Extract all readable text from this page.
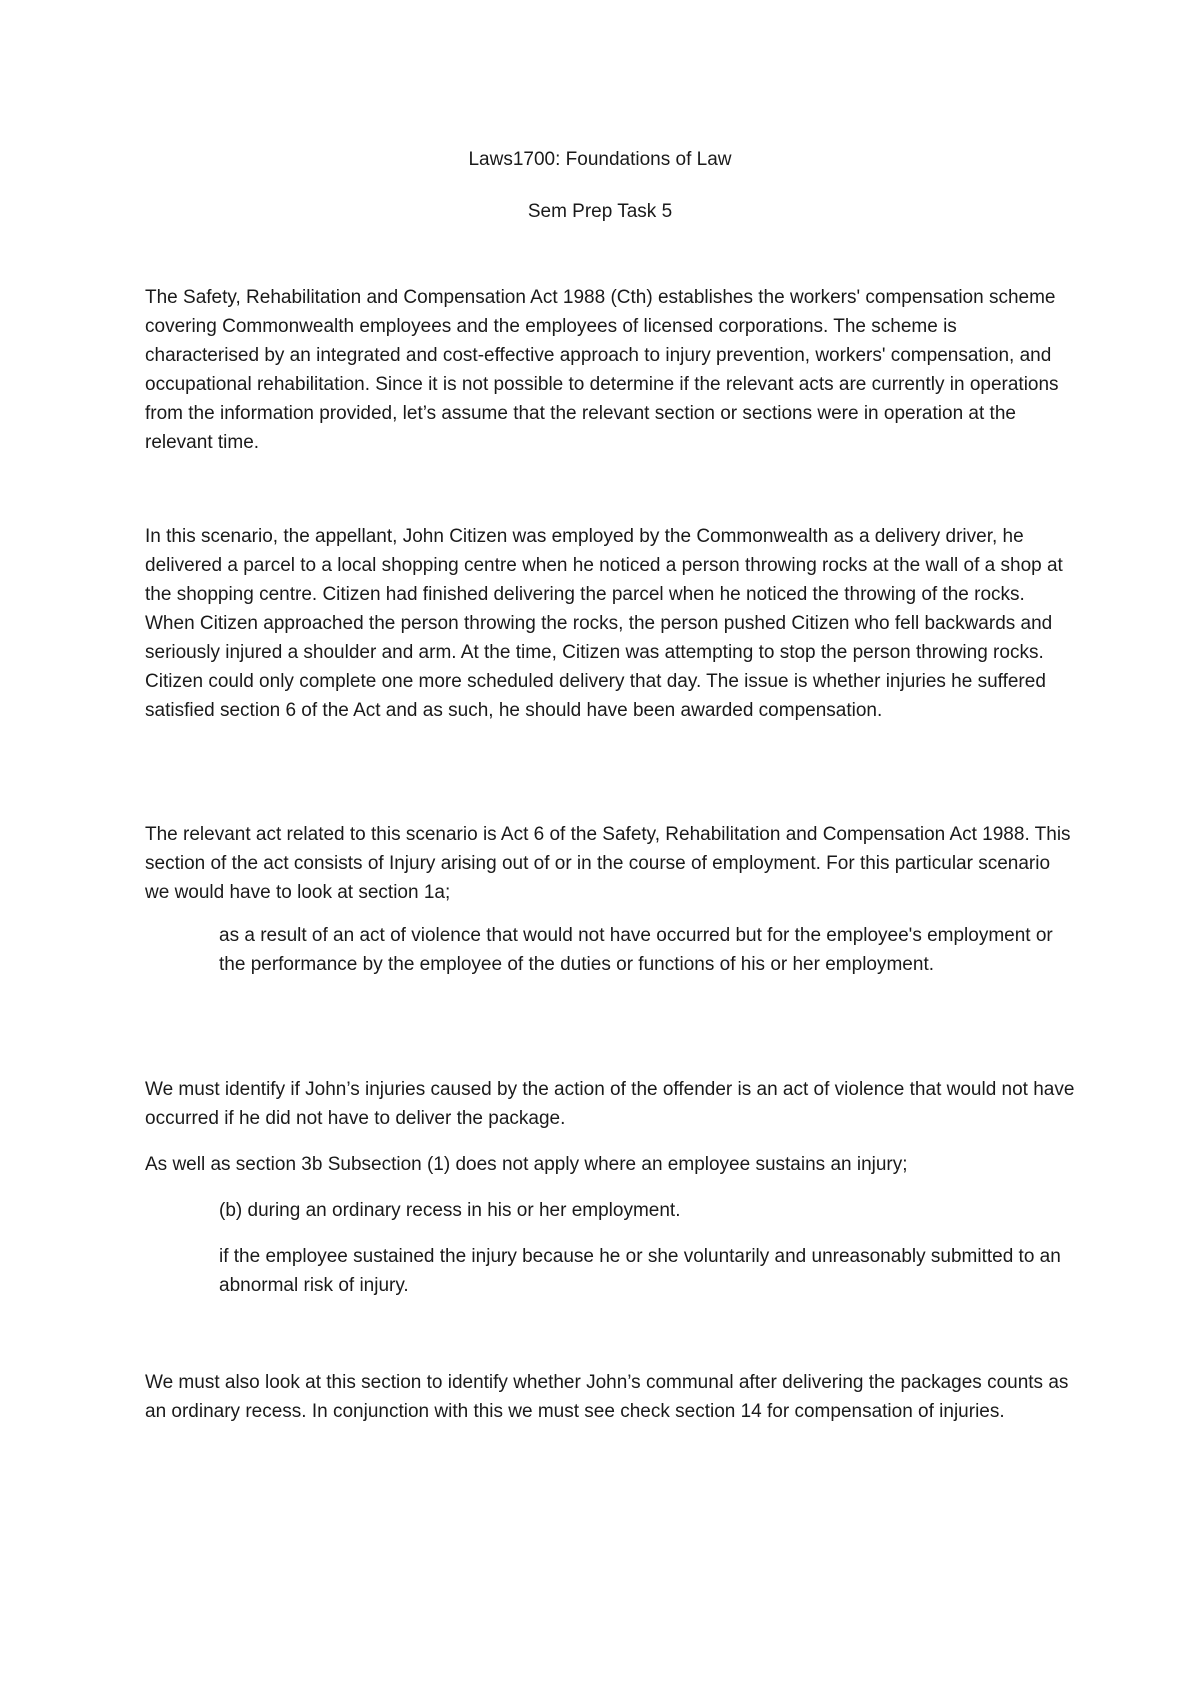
Laws1700: Foundations of Law
Sem Prep Task 5

The Safety, Rehabilitation and Compensation Act 1988 (Cth) establishes the workers' compensation scheme covering Commonwealth employees and the employees of licensed corporations. The scheme is characterised by an integrated and cost-effective approach to injury prevention, workers' compensation, and occupational rehabilitation. Since it is not possible to determine if the relevant acts are currently in operations from the information provided, let’s assume that the relevant section or sections were in operation at the relevant time.

In this scenario, the appellant, John Citizen was employed by the Commonwealth as a delivery driver, he delivered a parcel to a local shopping centre when he noticed a person throwing rocks at the wall of a shop at the shopping centre. Citizen had finished delivering the parcel when he noticed the throwing of the rocks. When Citizen approached the person throwing the rocks, the person pushed Citizen who fell backwards and seriously injured a shoulder and arm. At the time, Citizen was attempting to stop the person throwing rocks. Citizen could only complete one more scheduled delivery that day. The issue is whether injuries he suffered satisfied section 6 of the Act and as such, he should have been awarded compensation.

The relevant act related to this scenario is Act 6 of the Safety, Rehabilitation and Compensation Act 1988. This section of the act consists of Injury arising out of or in the course of employment. For this particular scenario we would have to look at section 1a;

as a result of an act of violence that would not have occurred but for the employee's employment or the performance by the employee of the duties or functions of his or her employment.

We must identify if John’s injuries caused by the action of the offender is an act of violence that would not have occurred if he did not have to deliver the package.

As well as section 3b Subsection (1) does not apply where an employee sustains an injury;

(b) during an ordinary recess in his or her employment.

if the employee sustained the injury because he or she voluntarily and unreasonably submitted to an abnormal risk of injury.

We must also look at this section to identify whether John’s communal after delivering the packages counts as an ordinary recess. In conjunction with this we must see check section 14 for compensation of injuries.
